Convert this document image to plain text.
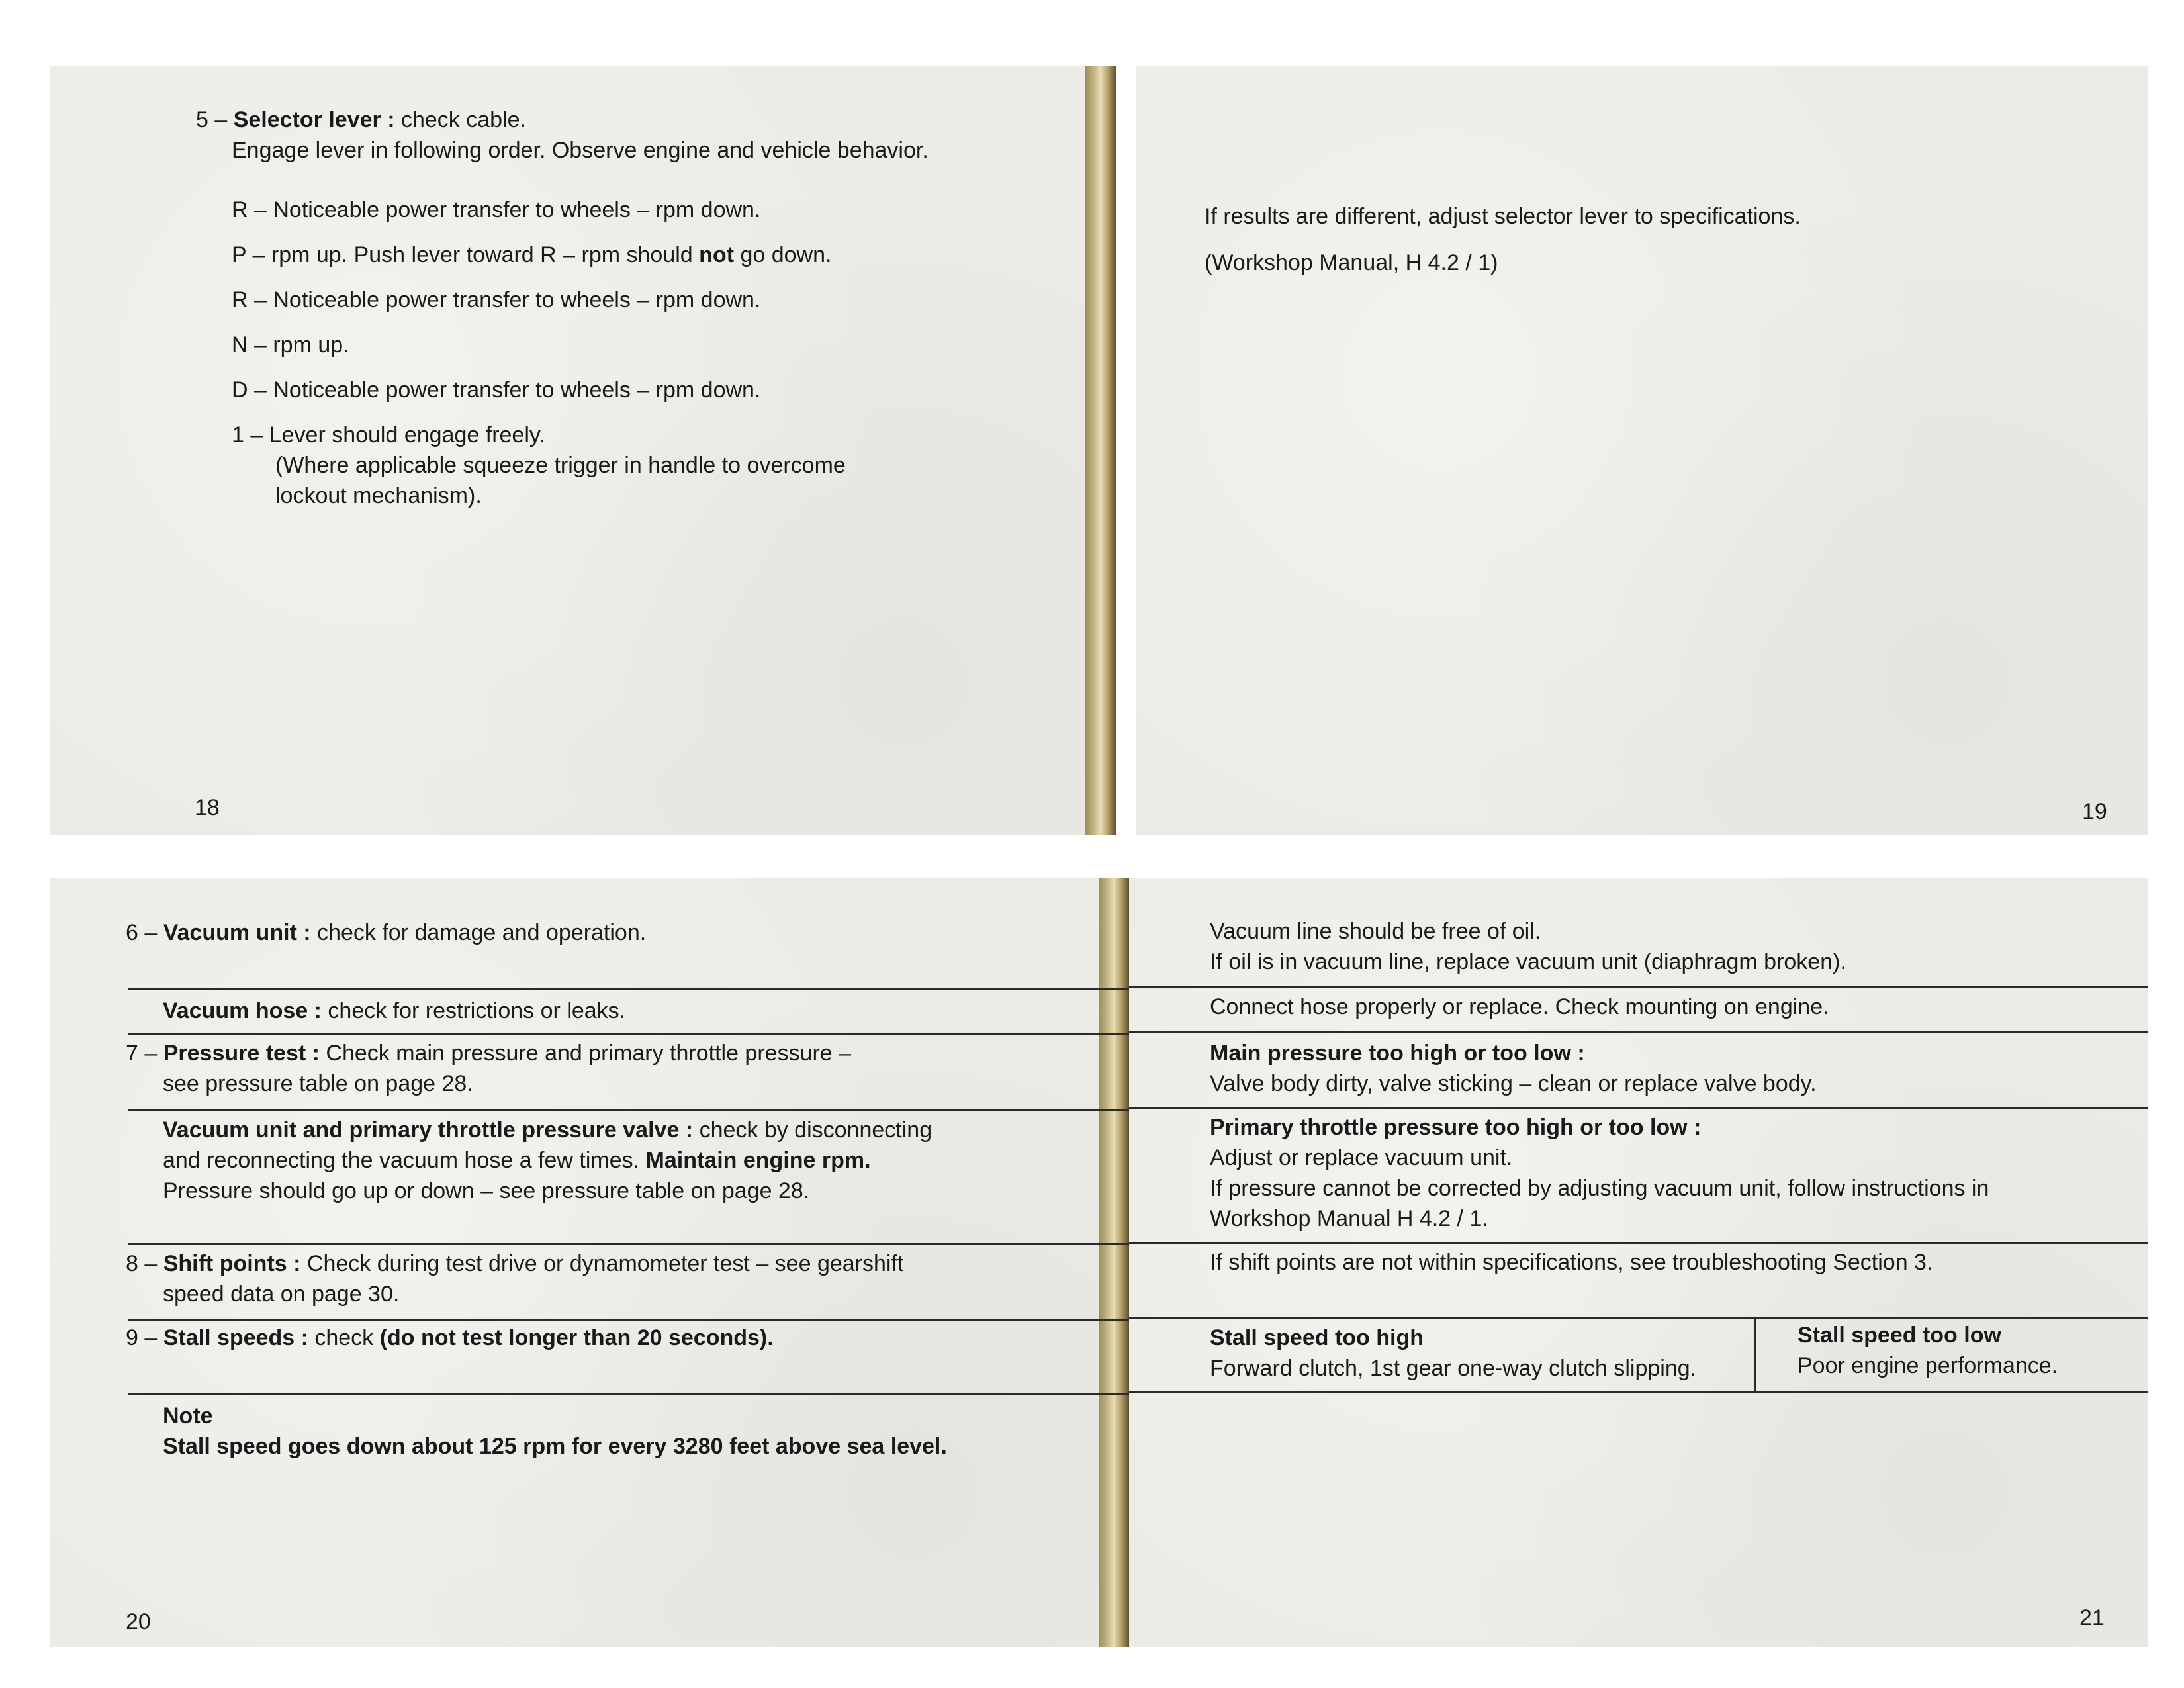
5 – Selector lever : check cable.
Engage lever in following order. Observe engine and vehicle behavior.
R – Noticeable power transfer to wheels – rpm down.
P – rpm up. Push lever toward R – rpm should not go down.
R – Noticeable power transfer to wheels – rpm down.
N – rpm up.
D – Noticeable power transfer to wheels – rpm down.
1 – Lever should engage freely.
(Where applicable squeeze trigger in handle to overcome
lockout mechanism).
18
If results are different, adjust selector lever to specifications.
(Workshop Manual, H 4.2 / 1)
19
6 – Vacuum unit : check for damage and operation.
Vacuum hose : check for restrictions or leaks.
7 – Pressure test : Check main pressure and primary throttle pressure –
see pressure table on page 28.
Vacuum unit and primary throttle pressure valve : check by disconnecting
and reconnecting the vacuum hose a few times. Maintain engine rpm.
Pressure should go up or down – see pressure table on page 28.
8 – Shift points : Check during test drive or dynamometer test – see gearshift
speed data on page 30.
9 – Stall speeds : check (do not test longer than 20 seconds).
Note
Stall speed goes down about 125 rpm for every 3280 feet above sea level.
20
Vacuum line should be free of oil.
If oil is in vacuum line, replace vacuum unit (diaphragm broken).
Connect hose properly or replace. Check mounting on engine.
Main pressure too high or too low :
Valve body dirty, valve sticking – clean or replace valve body.
Primary throttle pressure too high or too low :
Adjust or replace vacuum unit.
If pressure cannot be corrected by adjusting vacuum unit, follow instructions in
Workshop Manual H 4.2 / 1.
If shift points are not within specifications, see troubleshooting Section 3.
Stall speed too high
Forward clutch, 1st gear one-way clutch slipping.
Stall speed too low
Poor engine performance.
21
